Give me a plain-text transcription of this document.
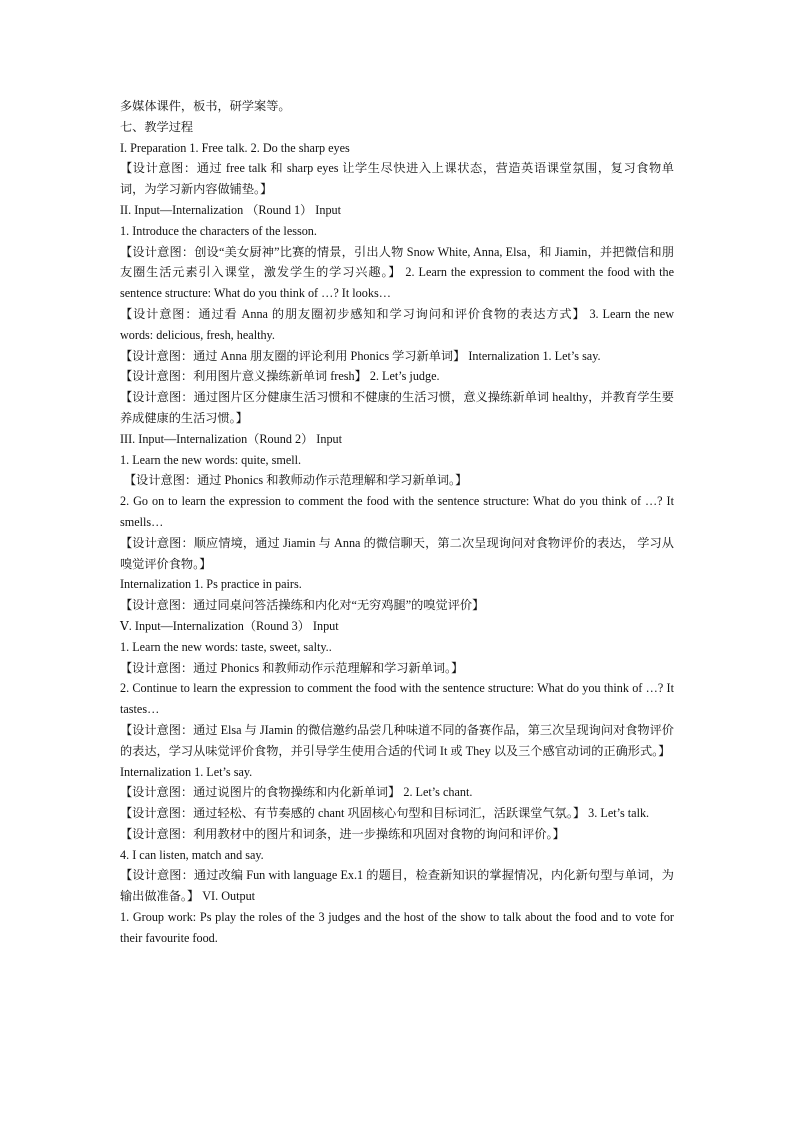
多媒体课件，板书，研学案等。

七、教学过程

I. Preparation 1. Free talk. 2. Do the sharp eyes

【设计意图：通过 free talk 和 sharp eyes 让学生尽快进入上课状态，营造英语课堂氛围，复习食物单词，为学习新内容做铺垫。】

II. Input—Internalization （Round 1） Input

1. Introduce the characters of the lesson.

【设计意图：创设“美女厨神”比赛的情景，引出人物 Snow White, Anna, Elsa，和 Jiamin，并把微信和朋友圈生活元素引入课堂，激发学生的学习兴趣。】 2. Learn the expression to comment the food with the sentence structure: What do you think of …? It looks…

【设计意图：通过看 Anna 的朋友圈初步感知和学习询问和评价食物的表达方式】 3. Learn the new words: delicious, fresh, healthy.

【设计意图：通过 Anna 朋友圈的评论利用 Phonics 学习新单词】 Internalization 1. Let’s say.

【设计意图：利用图片意义操练新单词 fresh】 2. Let’s judge.

【设计意图：通过图片区分健康生活习惯和不健康的生活习惯，意义操练新单词 healthy，并教育学生要养成健康的生活习惯。】

III. Input—Internalization（Round 2） Input

1. Learn the new words: quite, smell.

【设计意图：通过 Phonics 和教师动作示范理解和学习新单词。】

2. Go on to learn the expression to comment the food with the sentence structure: What do you think of …? It smells…

【设计意图：顺应情境，通过 Jiamin 与 Anna 的微信聊天，第二次呈现询问对食物评价的表达， 学习从嗅觉评价食物。】

Internalization 1. Ps practice in pairs.

【设计意图：通过同桌问答活操练和内化对“无穷鸡腿”的嗅觉评价】

Ⅴ. Input—Internalization（Round 3） Input

1. Learn the new words: taste, sweet, salty..

【设计意图：通过 Phonics 和教师动作示范理解和学习新单词。】

2. Continue to learn the expression to comment the food with the sentence structure: What do you think of …? It tastes…

【设计意图：通过 Elsa 与 JIamin 的微信邀约品尝几种味道不同的备赛作品，第三次呈现询问对食物评价的表达，学习从味觉评价食物，并引导学生使用合适的代词 It 或 They 以及三个感官动词的正确形式。】

Internalization 1. Let’s say.

【设计意图：通过说图片的食物操练和内化新单词】 2. Let’s chant.

【设计意图：通过轻松、有节奏感的 chant 巩固核心句型和目标词汇，活跃课堂气氛。】 3. Let’s talk.

【设计意图：利用教材中的图片和词条，进一步操练和巩固对食物的询问和评价。】

4. I can listen, match and say.

【设计意图：通过改编 Fun with language Ex.1 的题目，检查新知识的掌握情况，内化新句型与单词，为输出做准备。】 VI. Output

1. Group work: Ps play the roles of the 3 judges and the host of the show to talk about the food and to vote for their favourite food.
